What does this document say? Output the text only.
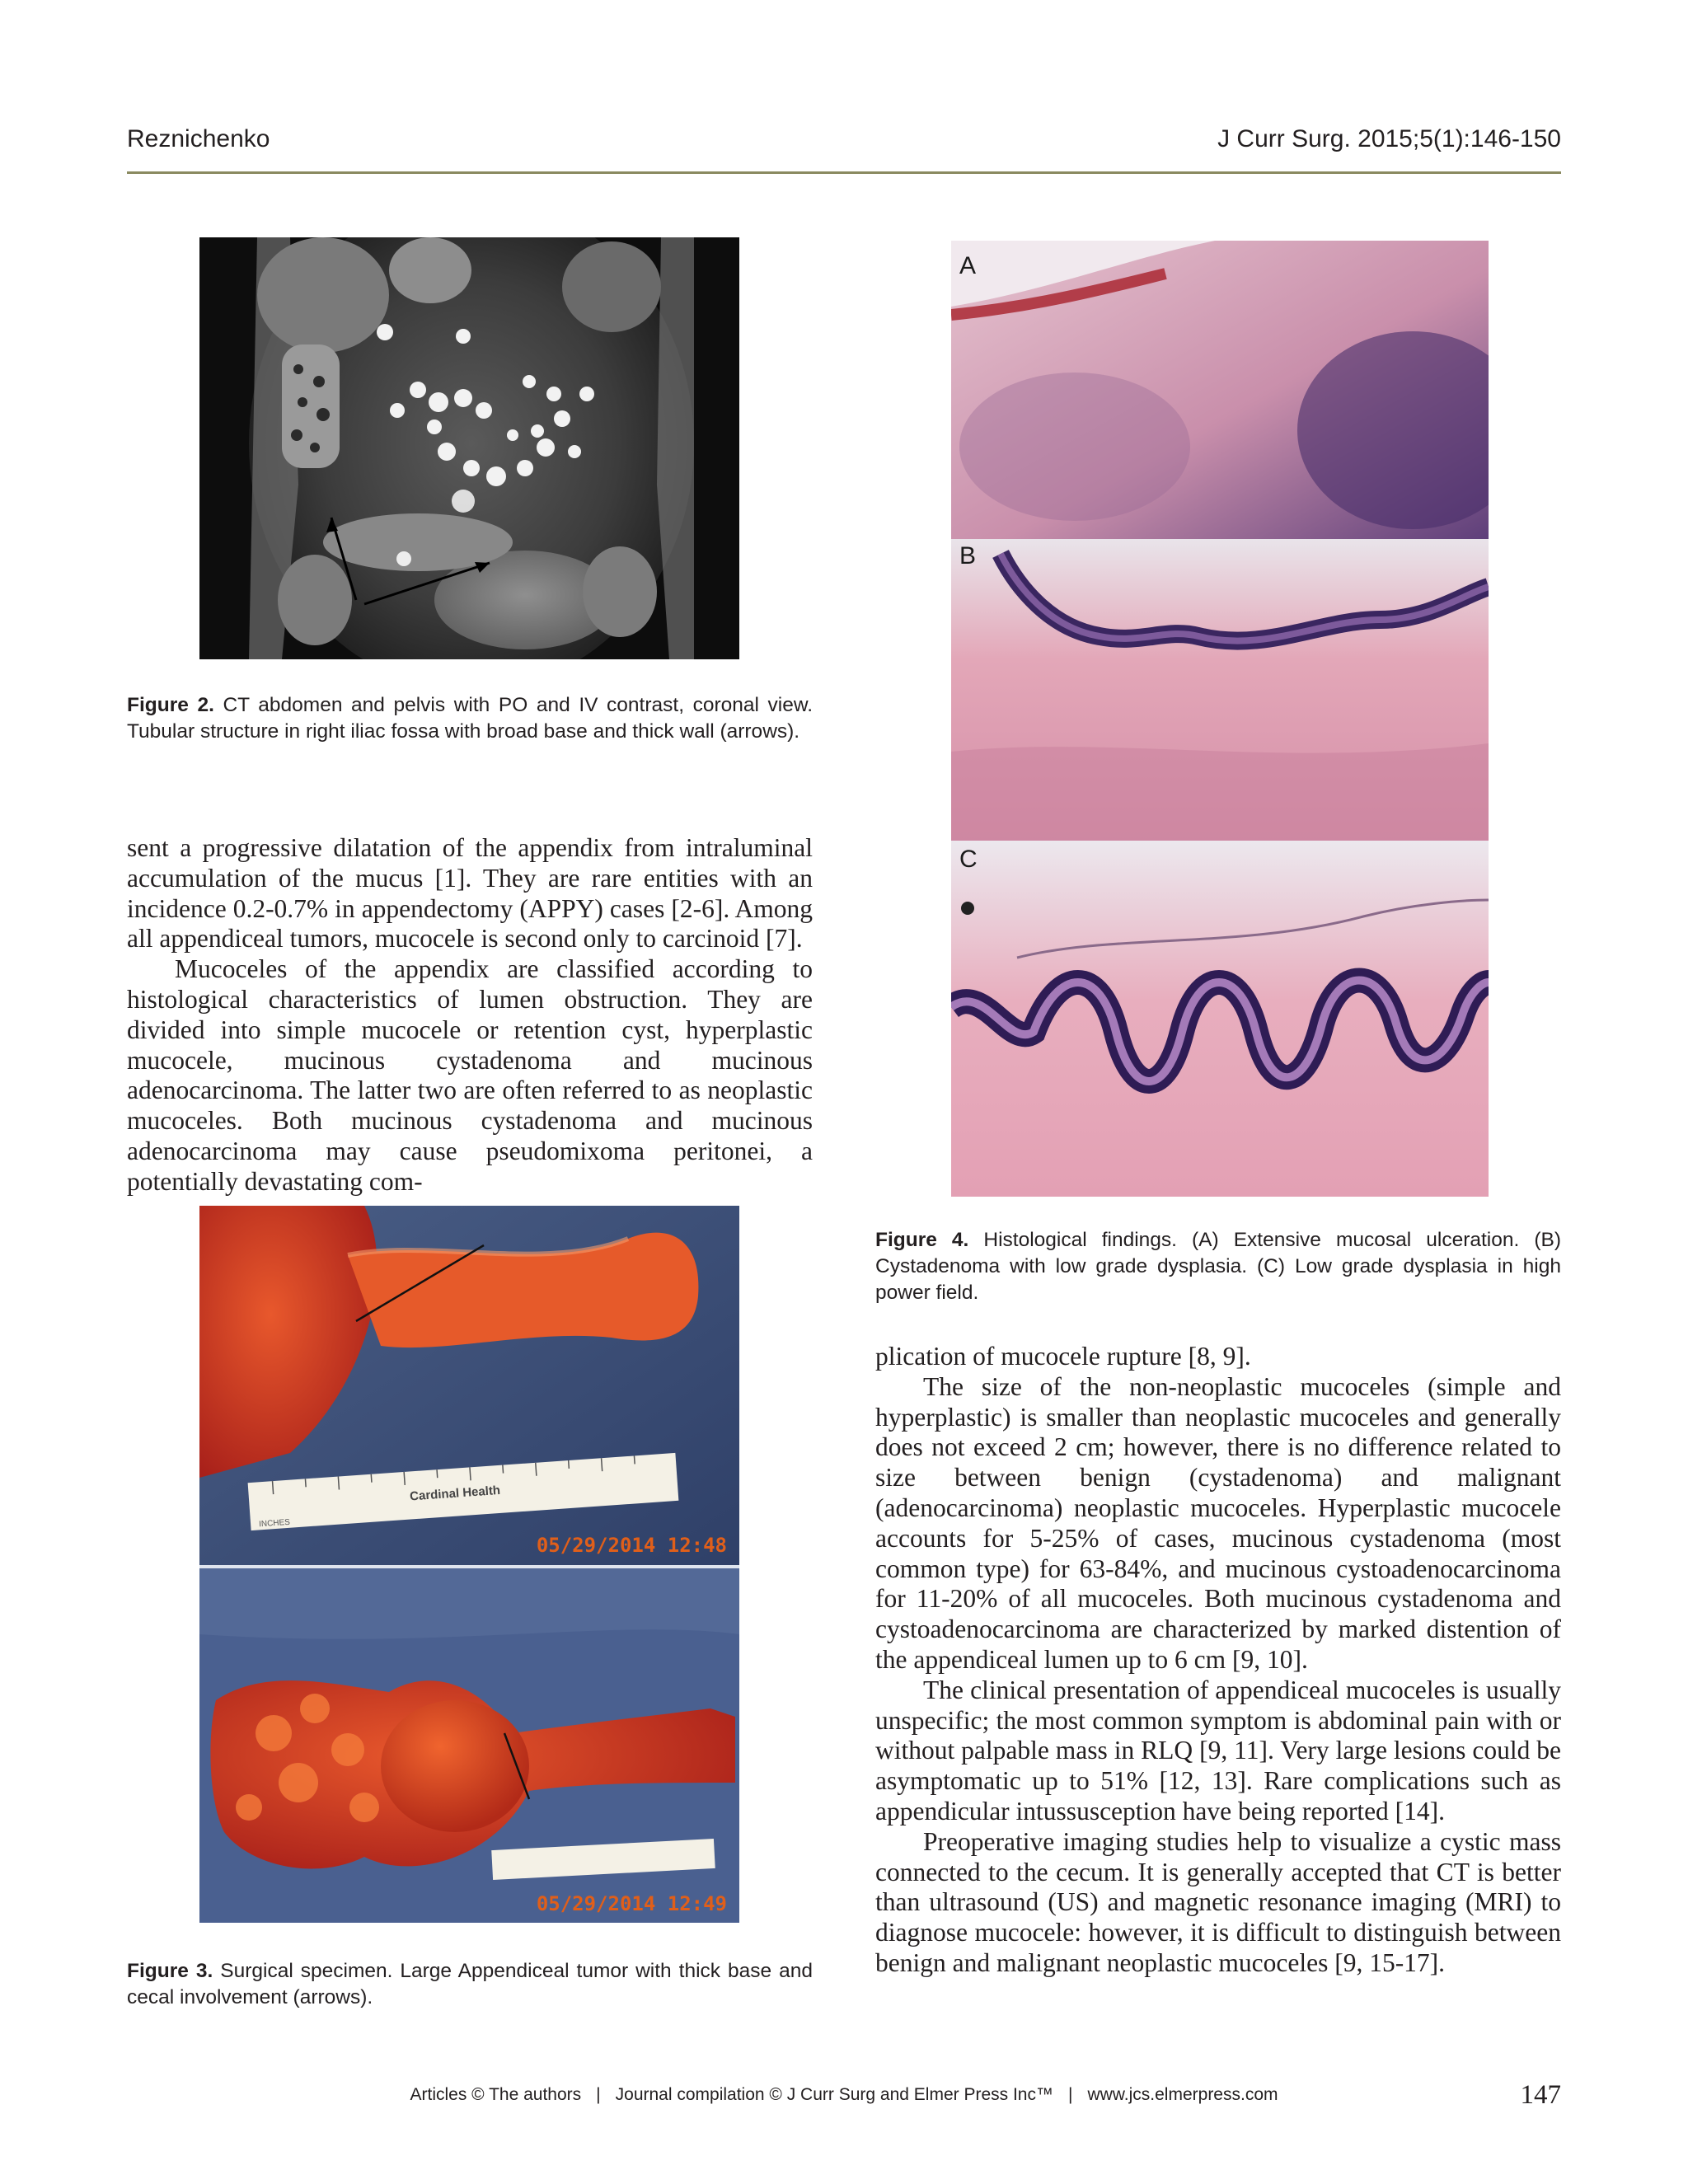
Reznichenko	J Curr Surg. 2015;5(1):146-150
Figure 2. CT abdomen and pelvis with PO and IV contrast, coronal view. Tubular structure in right iliac fossa with broad base and thick wall (arrows).

sent a progressive dilatation of the appendix from intraluminal accumulation of the mucus [1]. They are rare entities with an incidence 0.2-0.7% in appendectomy (APPY) cases [2-6]. Among all appendiceal tumors, mucocele is second only to carcinoid [7].

Mucoceles of the appendix are classified according to histological characteristics of lumen obstruction. They are divided into simple mucocele or retention cyst, hyperplastic mucocele, mucinous cystadenoma and mucinous adenocarcinoma. The latter two are often referred to as neoplastic mucoceles. Both mucinous cystadenoma and mucinous adenocarcinoma may cause pseudomixoma peritonei, a potentially devastating com-

Cardinal Health
INCHES
05/29/2014 12:48
05/29/2014 12:49
Figure 3. Surgical specimen. Large Appendiceal tumor with thick base and cecal involvement (arrows).
A
B
C
Figure 4. Histological findings. (A) Extensive mucosal ulceration. (B) Cystadenoma with low grade dysplasia. (C) Low grade dysplasia in high power field.

plication of mucocele rupture [8, 9].

The size of the non-neoplastic mucoceles (simple and hyperplastic) is smaller than neoplastic mucoceles and generally does not exceed 2 cm; however, there is no difference related to size between benign (cystadenoma) and malignant (adenocarcinoma) neoplastic mucoceles. Hyperplastic mucocele accounts for 5-25% of cases, mucinous cystadenoma (most common type) for 63-84%, and mucinous cystoadenocarcinoma for 11-20% of all mucoceles. Both mucinous cystadenoma and cystoadenocarcinoma are characterized by marked distention of the appendiceal lumen up to 6 cm [9, 10].

The clinical presentation of appendiceal mucoceles is usually unspecific; the most common symptom is abdominal pain with or without palpable mass in RLQ [9, 11]. Very large lesions could be asymptomatic up to 51% [12, 13]. Rare complications such as appendicular intussusception have being reported [14].

Preoperative imaging studies help to visualize a cystic mass connected to the cecum. It is generally accepted that CT is better than ultrasound (US) and magnetic resonance imaging (MRI) to diagnose mucocele: however, it is difficult to distinguish between benign and malignant neoplastic mucoceles [9, 15-17].

Articles © The authors | Journal compilation © J Curr Surg and Elmer Press Inc™ | www.jcs.elmerpress.com	147
